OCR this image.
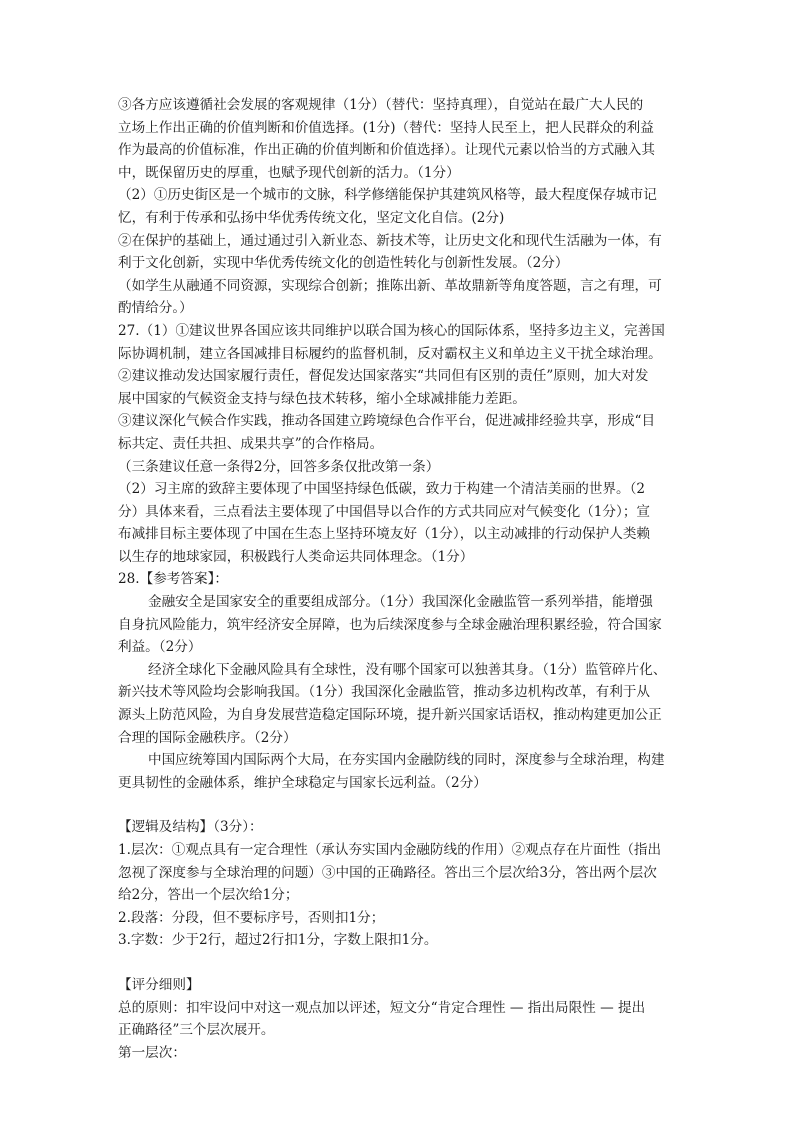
③各方应该遵循社会发展的客观规律（1分）（替代：坚持真理），自觉站在最广大人民的
立场上作出正确的价值判断和价值选择。(1分)（替代：坚持人民至上，把人民群众的利益
作为最高的价值标准，作出正确的价值判断和价值选择）。让现代元素以恰当的方式融入其
中，既保留历史的厚重，也赋予现代创新的活力。（1分）
（2）①历史街区是一个城市的文脉，科学修缮能保护其建筑风格等，最大程度保存城市记
忆，有利于传承和弘扬中华优秀传统文化，坚定文化自信。(2分)
②在保护的基础上，通过通过引入新业态、新技术等，让历史文化和现代生活融为一体，有
利于文化创新，实现中华优秀传统文化的创造性转化与创新性发展。（2分）
（如学生从融通不同资源，实现综合创新；推陈出新、革故鼎新等角度答题，言之有理，可
酌情给分。）
27.（1）①建议世界各国应该共同维护以联合国为核心的国际体系，坚持多边主义，完善国
际协调机制，建立各国减排目标履约的监督机制，反对霸权主义和单边主义干扰全球治理。
②建议推动发达国家履行责任，督促发达国家落实“共同但有区别的责任”原则，加大对发
展中国家的气候资金支持与绿色技术转移，缩小全球减排能力差距。
③建议深化气候合作实践，推动各国建立跨境绿色合作平台，促进减排经验共享，形成“目
标共定、责任共担、成果共享”的合作格局。
（三条建议任意一条得2分，回答多条仅批改第一条）
（2）习主席的致辞主要体现了中国坚持绿色低碳，致力于构建一个清洁美丽的世界。（2
分）具体来看，三点看法主要体现了中国倡导以合作的方式共同应对气候变化（1分）；宣
布减排目标主要体现了中国在生态上坚持环境友好（1分），以主动减排的行动保护人类赖
以生存的地球家园，积极践行人类命运共同体理念。（1分）
28.【参考答案】：
金融安全是国家安全的重要组成部分。（1分）我国深化金融监管一系列举措，能增强
自身抗风险能力，筑牢经济安全屏障，也为后续深度参与全球金融治理积累经验，符合国家
利益。（2分）
经济全球化下金融风险具有全球性，没有哪个国家可以独善其身。（1分）监管碎片化、
新兴技术等风险均会影响我国。（1分）我国深化金融监管，推动多边机构改革，有利于从
源头上防范风险，为自身发展营造稳定国际环境，提升新兴国家话语权，推动构建更加公正
合理的国际金融秩序。（2分）
中国应统筹国内国际两个大局，在夯实国内金融防线的同时，深度参与全球治理，构建
更具韧性的金融体系，维护全球稳定与国家长远利益。（2分）
【逻辑及结构】（3分）：
1.层次：①观点具有一定合理性（承认夯实国内金融防线的作用）②观点存在片面性（指出
忽视了深度参与全球治理的问题）③中国的正确路径。答出三个层次给3分，答出两个层次
给2分，答出一个层次给1分；
2.段落：分段，但不要标序号，否则扣1分；
3.字数：少于2行，超过2行扣1分，字数上限扣1分。
【评分细则】
总的原则：扣牢设问中对这一观点加以评述，短文分“肯定合理性 — 指出局限性 — 提出
正确路径”三个层次展开。
第一层次：
